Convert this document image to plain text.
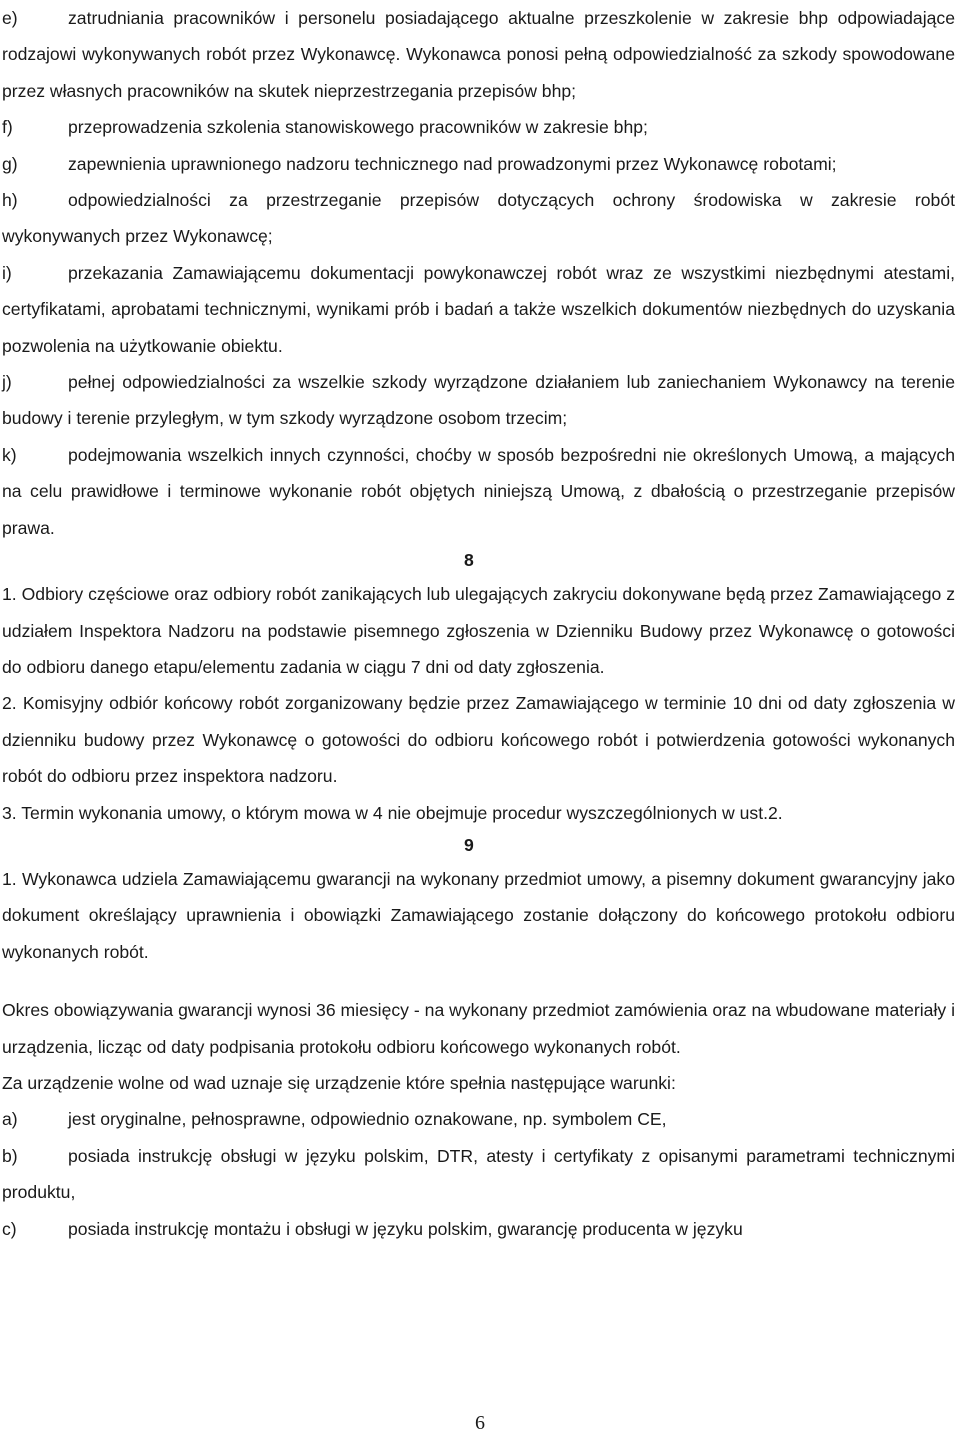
e)	zatrudniania pracowników i personelu posiadającego aktualne przeszkolenie w zakresie bhp odpowiadające rodzajowi wykonywanych robót przez Wykonawcę. Wykonawca ponosi pełną odpowiedzialność za szkody spowodowane przez własnych pracowników na skutek nieprzestrzegania przepisów bhp;

f)	przeprowadzenia szkolenia stanowiskowego pracowników w zakresie bhp;

g)	zapewnienia uprawnionego nadzoru technicznego nad prowadzonymi przez Wykonawcę robotami;

h)	odpowiedzialności za przestrzeganie przepisów dotyczących ochrony środowiska w zakresie robót wykonywanych przez Wykonawcę;

i)	przekazania Zamawiającemu dokumentacji powykonawczej robót wraz ze wszystkimi niezbędnymi atestami, certyfikatami, aprobatami technicznymi, wynikami prób i badań a także wszelkich dokumentów niezbędnych do uzyskania pozwolenia na użytkowanie obiektu.

j)	pełnej odpowiedzialności za wszelkie szkody wyrządzone działaniem lub zaniechaniem Wykonawcy na terenie budowy i terenie przyległym, w tym szkody wyrządzone osobom trzecim;

k)	podejmowania wszelkich innych czynności, choćby w sposób bezpośredni nie określonych Umową, a mających na celu prawidłowe i terminowe wykonanie robót objętych niniejszą Umową, z dbałością o przestrzeganie przepisów prawa.

8

1. Odbiory częściowe oraz odbiory robót zanikających lub ulegających zakryciu dokonywane będą przez Zamawiającego z udziałem Inspektora Nadzoru na podstawie pisemnego zgłoszenia w Dzienniku Budowy przez Wykonawcę o gotowości do odbioru danego etapu/elementu zadania w ciągu 7 dni od daty zgłoszenia.

2. Komisyjny odbiór końcowy robót zorganizowany będzie przez Zamawiającego w terminie 10 dni od daty zgłoszenia w dzienniku budowy przez Wykonawcę o gotowości do odbioru końcowego robót i potwierdzenia gotowości wykonanych robót do odbioru przez inspektora nadzoru.

3. Termin wykonania umowy, o którym mowa w 4 nie obejmuje procedur wyszczególnionych w ust.2.

9

1. Wykonawca udziela Zamawiającemu gwarancji na wykonany przedmiot umowy, a pisemny dokument gwarancyjny jako dokument określający uprawnienia i obowiązki Zamawiającego zostanie dołączony do końcowego protokołu odbioru wykonanych robót.

Okres obowiązywania gwarancji wynosi 36 miesięcy - na wykonany przedmiot zamówienia oraz na wbudowane materiały i urządzenia, licząc od daty podpisania protokołu odbioru końcowego wykonanych robót.

Za urządzenie wolne od wad uznaje się urządzenie które spełnia następujące warunki:

a)	jest oryginalne, pełnosprawne, odpowiednio oznakowane, np. symbolem CE,

b)	posiada instrukcję obsługi w języku polskim, DTR, atesty i certyfikaty z opisanymi parametrami technicznymi produktu,

c)	posiada instrukcję montażu i obsługi w języku polskim, gwarancję producenta w języku

6
